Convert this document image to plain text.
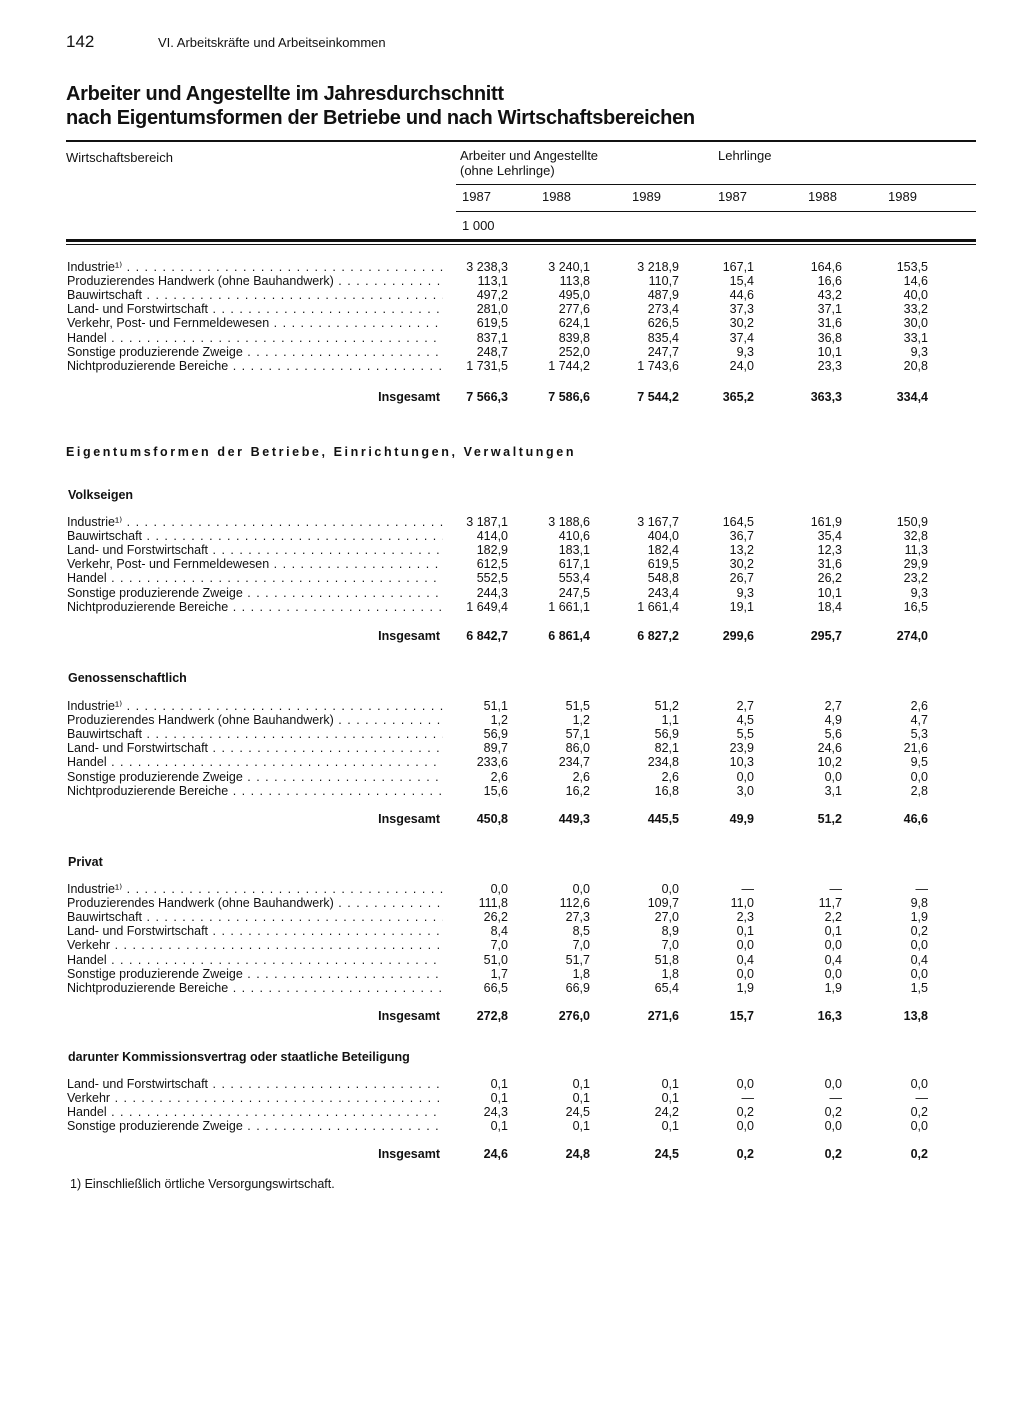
142	VI. Arbeitskräfte und Arbeitseinkommen
Arbeiter und Angestellte im Jahresdurchschnitt
nach Eigentumsformen der Betriebe und nach Wirtschaftsbereichen
Wirtschaftsbereich	Arbeiter und Angestellte
(ohne Lehrlinge)
Lehrlinge
1987	1988	1989	1987	1988	1989
1 000
Eigentumsformen der Betriebe, Einrichtungen, Verwaltungen
Volkseigen
Genossenschaftlich
Privat
darunter Kommissionsvertrag oder staatliche Beteiligung
1) Einschließlich örtliche Versorgungswirtschaft.
Industrie¹⁾ . . .	3 238,3	3 240,1	3 218,9	167,1	164,6	153,5
Produzierendes Handwerk (ohne Bauhandwerk) . . .	113,1	113,8	110,7	15,4	16,6	14,6
Bauwirtschaft . . .	497,2	495,0	487,9	44,6	43,2	40,0
Land- und Forstwirtschaft . . .	281,0	277,6	273,4	37,3	37,1	33,2
Verkehr, Post- und Fernmeldewesen . . .	619,5	624,1	626,5	30,2	31,6	30,0
Handel . . .	837,1	839,8	835,4	37,4	36,8	33,1
Sonstige produzierende Zweige . . .	248,7	252,0	247,7	9,3	10,1	9,3
Nichtproduzierende Bereiche . . .	1 731,5	1 744,2	1 743,6	24,0	23,3	20,8
Insgesamt	7 566,3	7 586,6	7 544,2	365,2	363,3	334,4
Industrie¹⁾ . . .	3 187,1	3 188,6	3 167,7	164,5	161,9	150,9
Bauwirtschaft . . .	414,0	410,6	404,0	36,7	35,4	32,8
Land- und Forstwirtschaft . . .	182,9	183,1	182,4	13,2	12,3	11,3
Verkehr, Post- und Fernmeldewesen . . .	612,5	617,1	619,5	30,2	31,6	29,9
Handel . . .	552,5	553,4	548,8	26,7	26,2	23,2
Sonstige produzierende Zweige . . .	244,3	247,5	243,4	9,3	10,1	9,3
Nichtproduzierende Bereiche . . .	1 649,4	1 661,1	1 661,4	19,1	18,4	16,5
Insgesamt	6 842,7	6 861,4	6 827,2	299,6	295,7	274,0
Industrie¹⁾ . . .	51,1	51,5	51,2	2,7	2,7	2,6
Produzierendes Handwerk (ohne Bauhandwerk) . . .	1,2	1,2	1,1	4,5	4,9	4,7
Bauwirtschaft . . .	56,9	57,1	56,9	5,5	5,6	5,3
Land- und Forstwirtschaft . . .	89,7	86,0	82,1	23,9	24,6	21,6
Handel . . .	233,6	234,7	234,8	10,3	10,2	9,5
Sonstige produzierende Zweige . . .	2,6	2,6	2,6	0,0	0,0	0,0
Nichtproduzierende Bereiche . . .	15,6	16,2	16,8	3,0	3,1	2,8
Insgesamt	450,8	449,3	445,5	49,9	51,2	46,6
Industrie¹⁾ . . .	0,0	0,0	0,0	—	—	—
Produzierendes Handwerk (ohne Bauhandwerk) . . .	111,8	112,6	109,7	11,0	11,7	9,8
Bauwirtschaft . . .	26,2	27,3	27,0	2,3	2,2	1,9
Land- und Forstwirtschaft . . .	8,4	8,5	8,9	0,1	0,1	0,2
Verkehr . . .	7,0	7,0	7,0	0,0	0,0	0,0
Handel . . .	51,0	51,7	51,8	0,4	0,4	0,4
Sonstige produzierende Zweige . . .	1,7	1,8	1,8	0,0	0,0	0,0
Nichtproduzierende Bereiche . . .	66,5	66,9	65,4	1,9	1,9	1,5
Insgesamt	272,8	276,0	271,6	15,7	16,3	13,8
Land- und Forstwirtschaft . . .	0,1	0,1	0,1	0,0	0,0	0,0
Verkehr . . .	0,1	0,1	0,1	—	—	—
Handel . . .	24,3	24,5	24,2	0,2	0,2	0,2
Sonstige produzierende Zweige . . .	0,1	0,1	0,1	0,0	0,0	0,0
Insgesamt	24,6	24,8	24,5	0,2	0,2	0,2
